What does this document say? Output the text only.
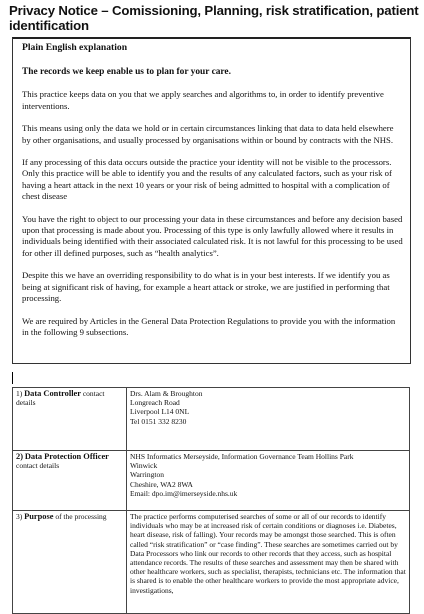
Privacy Notice – Comissioning, Planning, risk stratification, patient identification
Plain English explanation

The records we keep enable us to plan for your care.

This practice keeps data on you that we apply searches and algorithms to, in order to identify preventive interventions.

This means using only the data we hold or in certain circumstances linking that data to data held elsewhere by other organisations, and usually processed by organisations within or bound by contracts with the NHS.

If any processing of this data occurs outside the practice your identity will not be visible to the processors. Only this practice will be able to identify you and the results of any calculated factors, such as your risk of having a heart attack in the next 10 years or your risk of being admitted to hospital with a complication of chest disease

You have the right to object to our processing your data in these circumstances and before any decision based upon that processing is made about you. Processing of this type is only lawfully allowed where it results in individuals being identified with their associated calculated risk. It is not lawful for this processing to be used for other ill defined purposes, such as “health analytics”.

Despite this we have an overriding responsibility to do what is in your best interests. If we identify you as being at significant risk of having, for example a heart attack or stroke, we are justified in performing that processing.

We are required by Articles in the General Data Protection Regulations to provide you with the information in the following 9 subsections.

1) Data Controller contact details	Drs. Alam & Broughton
Longreach Road
Liverpool L14 0NL
Tel 0151 332 8230

2) Data Protection Officer contact details	NHS Informatics Merseyside, Information Governance Team Hollins Park
Winwick
Warrington
Cheshire, WA2 8WA
Email: dpo.im@imerseyside.nhs.uk

3) Purpose of the processing	The practice performs computerised searches of some or all of our records to identify individuals who may be at increased risk of certain conditions or diagnoses i.e. Diabetes, heart disease, risk of falling). Your records may be amongst those searched. This is often called “risk stratification” or “case finding”. These searches are sometimes carried out by Data Processors who link our records to other records that they access, such as hospital attendance records. The results of these searches and assessment may then be shared with other healthcare workers, such as specialist, therapists, technicians etc. The information that is shared is to enable the other healthcare workers to provide the most appropriate advice, investigations,
